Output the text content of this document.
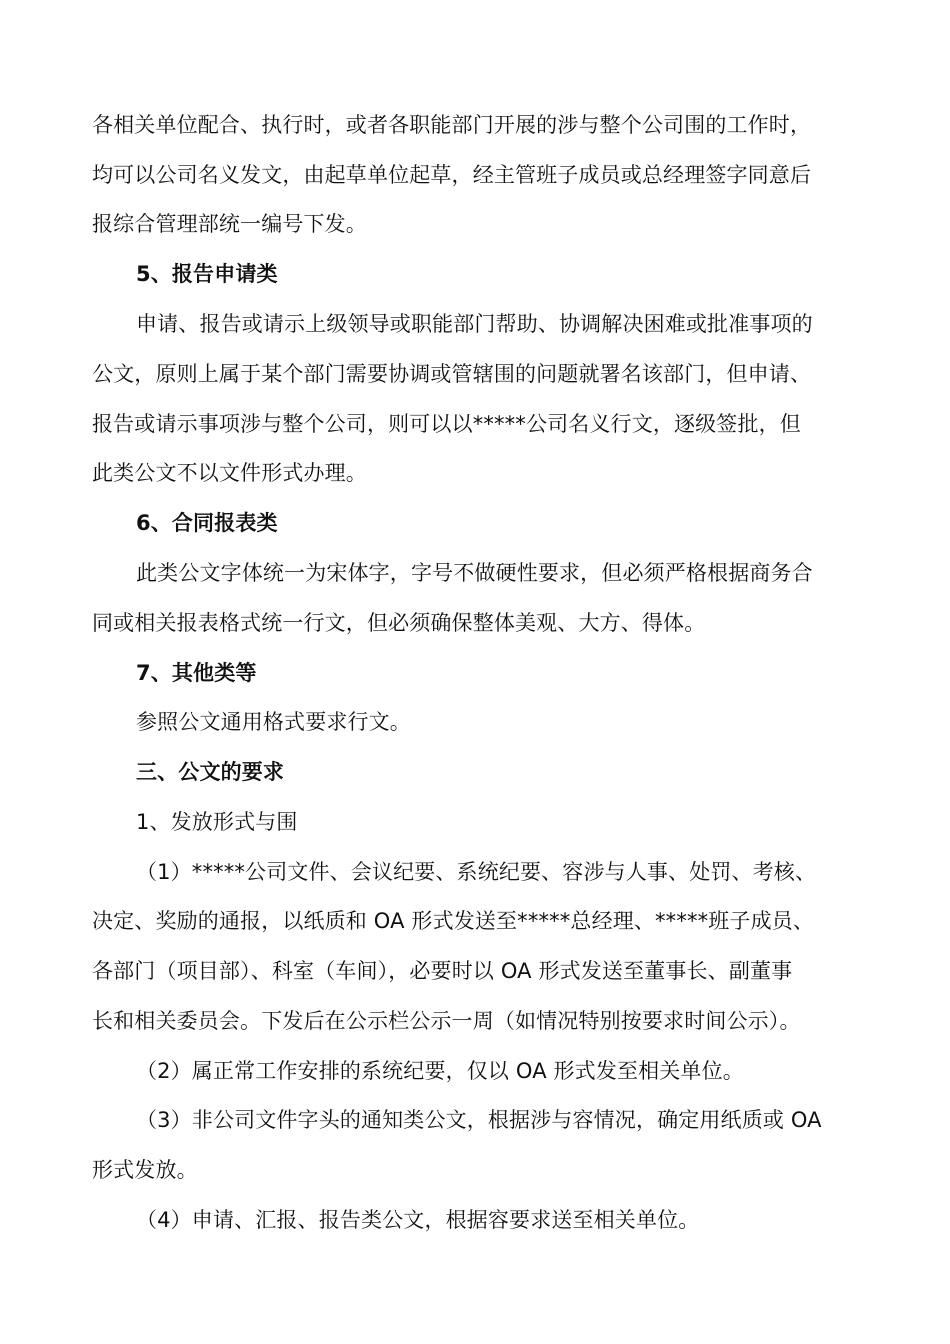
各相关单位配合、执行时，或者各职能部门开展的涉与整个公司围的工作时，
均可以公司名义发文，由起草单位起草，经主管班子成员或总经理签字同意后
报综合管理部统一编号下发。
5、报告申请类
申请、报告或请示上级领导或职能部门帮助、协调解决困难或批准事项的
公文，原则上属于某个部门需要协调或管辖围的问题就署名该部门，但申请、
报告或请示事项涉与整个公司，则可以以*****公司名义行文，逐级签批，但
此类公文不以文件形式办理。
6、合同报表类
此类公文字体统一为宋体字，字号不做硬性要求，但必须严格根据商务合
同或相关报表格式统一行文，但必须确保整体美观、大方、得体。
7、其他类等
参照公文通用格式要求行文。
三、公文的要求
1、发放形式与围
（1）*****公司文件、会议纪要、系统纪要、容涉与人事、处罚、考核、
决定、奖励的通报，以纸质和 OA 形式发送至*****总经理、*****班子成员、
各部门（项目部）、科室（车间），必要时以 OA 形式发送至董事长、副董事
长和相关委员会。下发后在公示栏公示一周（如情况特别按要求时间公示）。
（2）属正常工作安排的系统纪要，仅以 OA 形式发至相关单位。
（3）非公司文件字头的通知类公文，根据涉与容情况，确定用纸质或 OA
形式发放。
（4）申请、汇报、报告类公文，根据容要求送至相关单位。
